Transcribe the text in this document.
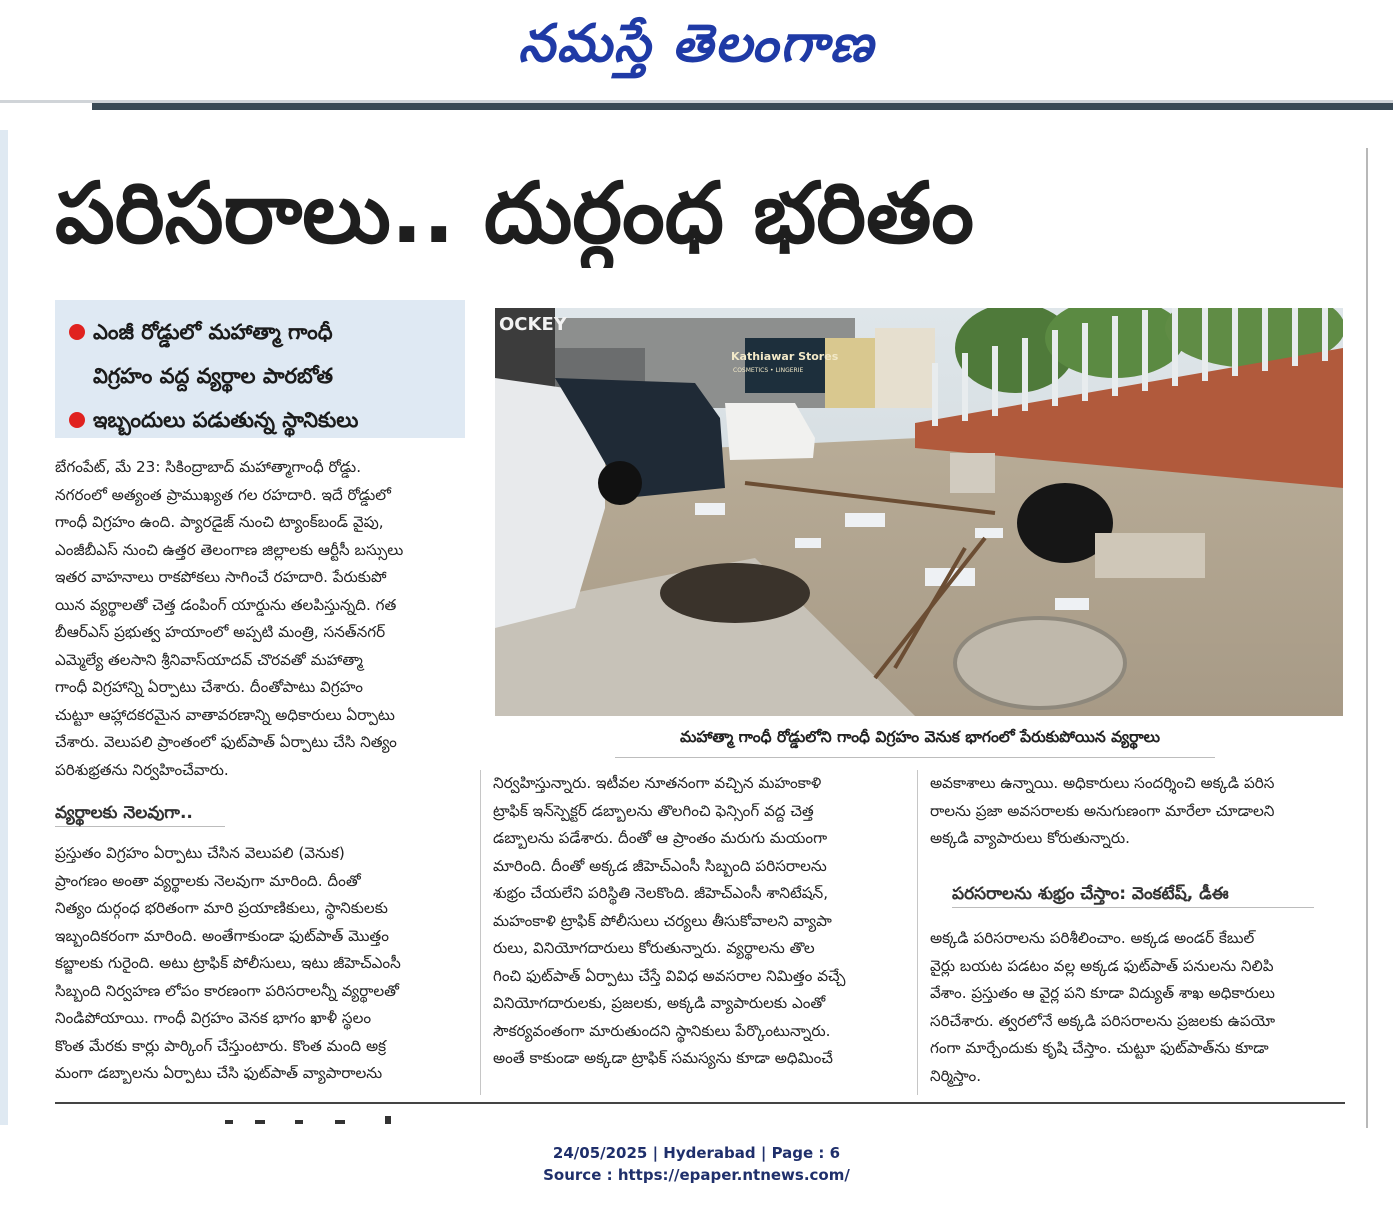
నమస్తే తెలంగాణ
పరిసరాలు.. దుర్గంధ భరితం
ఎంజీ రోడ్డులో మహాత్మా గాంధీ
విగ్రహం వద్ద వ్యర్థాల పారబోత
ఇబ్బందులు పడుతున్న స్థానికులు
బేగంపేట్, మే 23: సికింద్రాబాద్ మహాత్మాగాంధీ రోడ్డు.
నగరంలో అత్యంత ప్రాముఖ్యత గల రహదారి. ఇదే రోడ్డులో
గాంధీ విగ్రహం ఉంది. ప్యారడైజ్ నుంచి ట్యాంక్‌బండ్ వైపు,
ఎంజీబీఎస్ నుంచి ఉత్తర తెలంగాణ జిల్లాలకు ఆర్టీసీ బస్సులు
ఇతర వాహనాలు రాకపోకలు సాగించే రహదారి. పేరుకుపో
యిన వ్యర్థాలతో చెత్త డంపింగ్ యార్డును తలపిస్తున్నది. గత
బీఆర్‌ఎస్ ప్రభుత్వ హయాంలో అప్పటి మంత్రి, సనత్‌నగర్
ఎమ్మెల్యే తలసాని శ్రీనివాస్‌యాదవ్ చొరవతో మహాత్మా
గాంధీ విగ్రహాన్ని ఏర్పాటు చేశారు. దీంతోపాటు విగ్రహం
చుట్టూ ఆహ్లాదకరమైన వాతావరణాన్ని అధికారులు ఏర్పాటు
చేశారు. వెలుపలి ప్రాంతంలో ఫుట్‌పాత్ ఏర్పాటు చేసి నిత్యం
పరిశుభ్రతను నిర్వహించేవారు.
వ్యర్థాలకు నెలవుగా..
ప్రస్తుతం విగ్రహం ఏర్పాటు చేసిన వెలుపలి (వెనుక)
ప్రాంగణం అంతా వ్యర్థాలకు నెలవుగా మారింది. దీంతో
నిత్యం దుర్గంధ భరితంగా మారి ప్రయాణికులు, స్థానికులకు
ఇబ్బందికరంగా మారింది. అంతేగాకుండా ఫుట్‌పాత్ మొత్తం
కబ్జాలకు గురైంది. అటు ట్రాఫిక్ పోలీసులు, ఇటు జీహెచ్‌ఎంసీ
సిబ్బంది నిర్వహణ లోపం కారణంగా పరిసరాలన్నీ వ్యర్థాలతో
నిండిపోయాయి. గాంధీ విగ్రహం వెనక భాగం ఖాళీ స్థలం
కొంత మేరకు కార్లు పార్కింగ్ చేస్తుంటారు. కొంత మంది అక్ర
మంగా డబ్బాలను ఏర్పాటు చేసి ఫుట్‌పాత్ వ్యాపారాలను
OCKEY
Kathiawar Stores
COSMETICS • LINGERIE
మహాత్మా గాంధీ రోడ్డులోని గాంధీ విగ్రహం వెనుక భాగంలో పేరుకుపోయిన వ్యర్థాలు
నిర్వహిస్తున్నారు. ఇటీవల నూతనంగా వచ్చిన మహంకాళి
ట్రాఫిక్ ఇన్‌స్పెక్టర్ డబ్బాలను తొలగించి ఫెన్సింగ్ వద్ద చెత్త
డబ్బాలను పడేశారు. దీంతో ఆ ప్రాంతం మరుగు మయంగా
మారింది. దీంతో అక్కడ జీహెచ్‌ఎంసీ సిబ్బంది పరిసరాలను
శుభ్రం చేయలేని పరిస్థితి నెలకొంది. జీహెచ్‌ఎంసీ శానిటేషన్,
మహంకాళి ట్రాఫిక్ పోలీసులు చర్యలు తీసుకోవాలని వ్యాపా
రులు, వినియోగదారులు కోరుతున్నారు. వ్యర్థాలను తొల
గించి ఫుట్‌పాత్ ఏర్పాటు చేస్తే వివిధ అవసరాల నిమిత్తం వచ్చే
వినియోగదారులకు, ప్రజలకు, అక్కడి వ్యాపారులకు ఎంతో
సౌకర్యవంతంగా మారుతుందని స్థానికులు పేర్కొంటున్నారు.
అంతే కాకుండా అక్కడా ట్రాఫిక్ సమస్యను కూడా అధిమించే
అవకాశాలు ఉన్నాయి. అధికారులు సందర్శించి అక్కడి పరిస
రాలను ప్రజా అవసరాలకు అనుగుణంగా మారేలా చూడాలని
అక్కడి వ్యాపారులు కోరుతున్నారు.
పరసరాలను శుభ్రం చేస్తాం: వెంకటేష్, డీఈ
అక్కడి పరిసరాలను పరిశీలించాం. అక్కడ అండర్ కేబుల్
వైర్లు బయట పడటం వల్ల అక్కడ ఫుట్‌పాత్ పనులను నిలిపి
వేశాం. ప్రస్తుతం ఆ వైర్ల పని కూడా విద్యుత్ శాఖ అధికారులు
సరిచేశారు. త్వరలోనే అక్కడి పరిసరాలను ప్రజలకు ఉపయో
గంగా మార్చేందుకు కృషి చేస్తాం. చుట్టూ ఫుట్‌పాత్‌ను కూడా
నిర్మిస్తాం.
24/05/2025 | Hyderabad | Page : 6
Source : https://epaper.ntnews.com/
